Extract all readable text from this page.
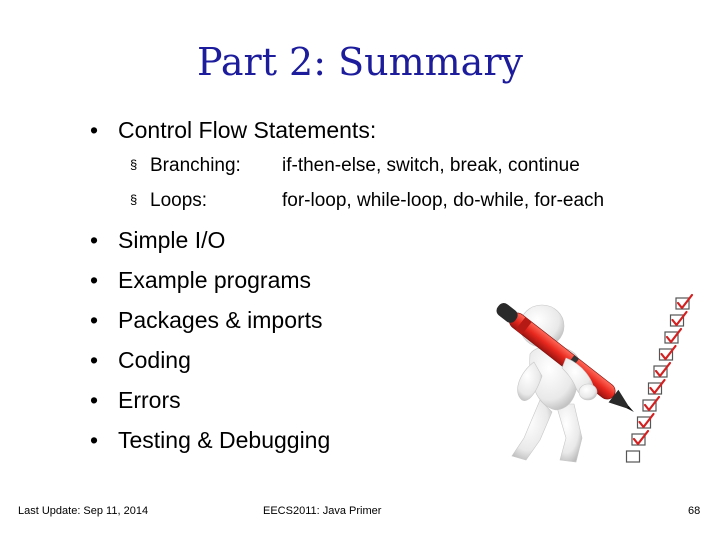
Part 2: Summary
• Control Flow Statements:
§ Branching: if-then-else, switch, break, continue
§ Loops:	for-loop, while-loop, do-while, for-each
• Simple I/O
• Example programs
• Packages & imports
• Coding
• Errors
• Testing & Debugging
Last Update: Sep 11, 2014	EECS2011: Java Primer	68
